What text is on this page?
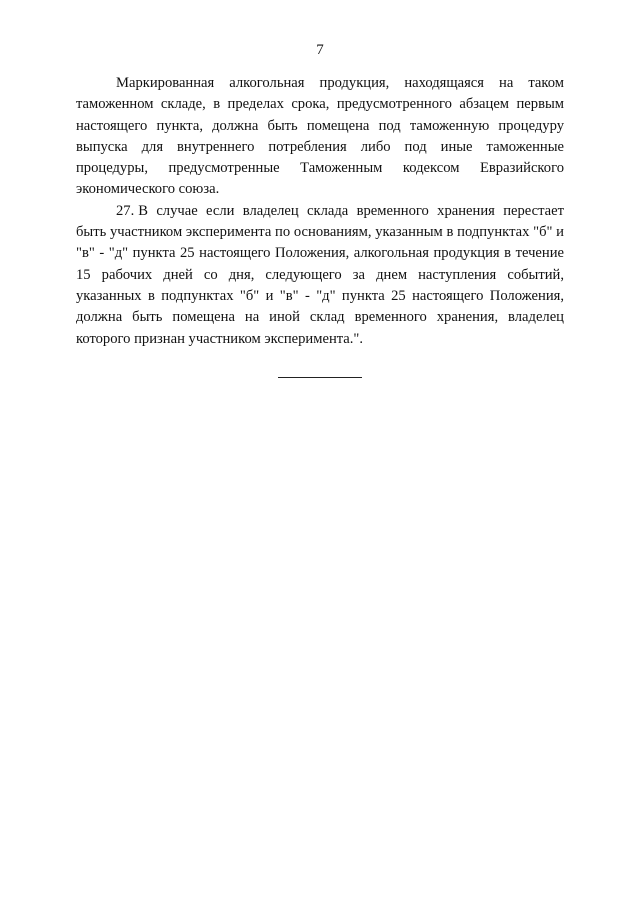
7

Маркированная алкогольная продукция, находящаяся на таком таможенном складе, в пределах срока, предусмотренного абзацем первым настоящего пункта, должна быть помещена под таможенную процедуру выпуска для внутреннего потребления либо под иные таможенные процедуры, предусмотренные Таможенным кодексом Евразийского экономического союза.

27. В случае если владелец склада временного хранения перестает быть участником эксперимента по основаниям, указанным в подпунктах "б" и "в" - "д" пункта 25 настоящего Положения, алкогольная продукция в течение 15 рабочих дней со дня, следующего за днем наступления событий, указанных в подпунктах "б" и "в" - "д" пункта 25 настоящего Положения, должна быть помещена на иной склад временного хранения, владелец которого признан участником эксперимента.".
